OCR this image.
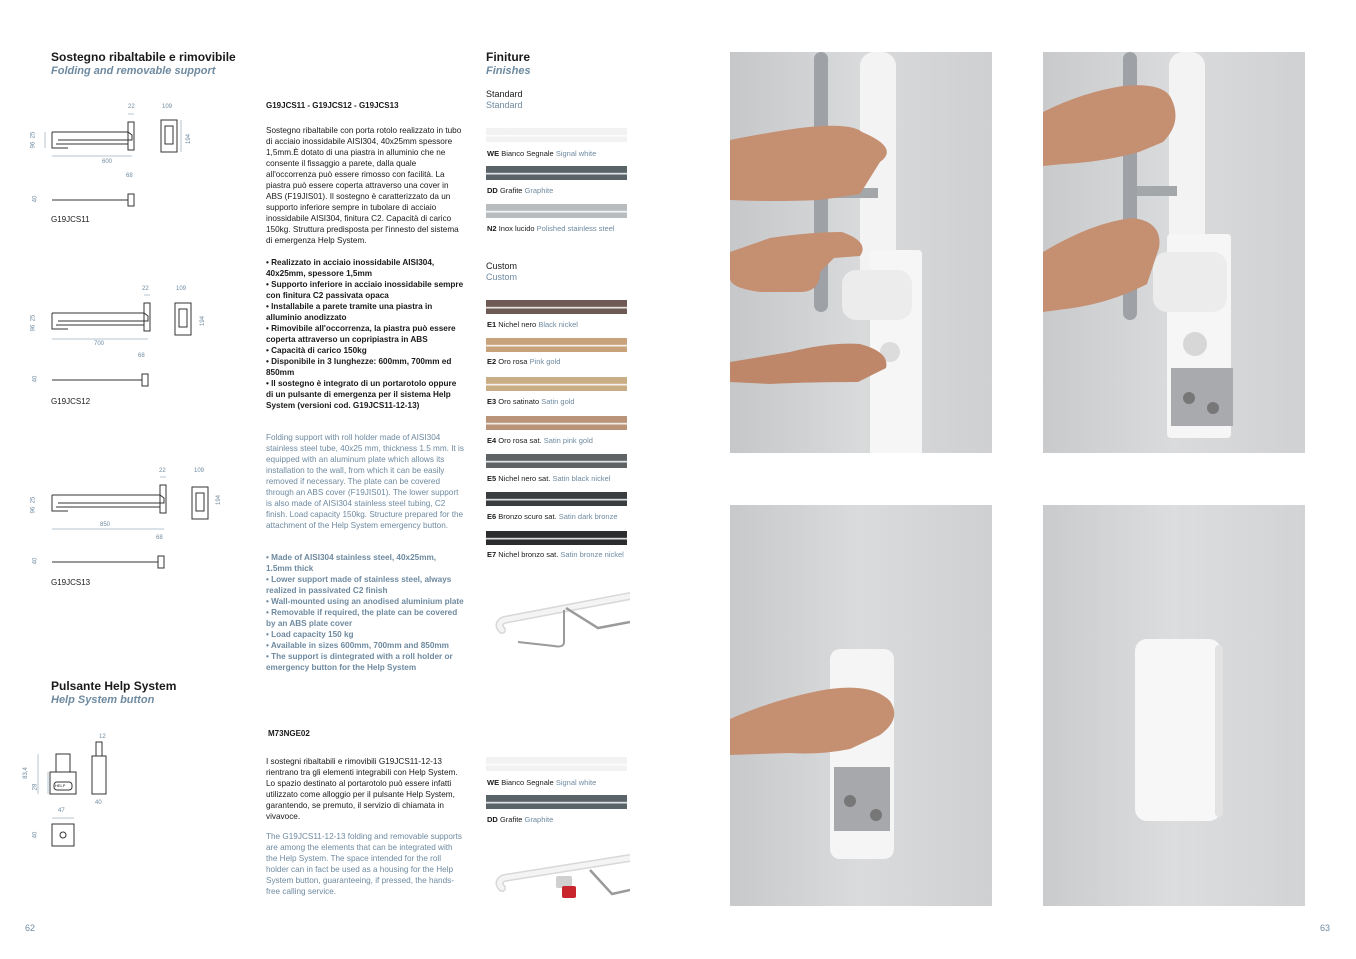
Sostegno ribaltabile e rimovibile
Folding and removable support
22	109
194
96
25
600
68
40
G19JCS11
22	109
194
96
25
700
68
40
G19JCS12
22	109
194
96
25
850
68
40
G19JCS13
Pulsante Help System
Help System button
HELP
12
83,4
28
40
47
40
62
G19JCS11 - G19JCS12 - G19JCS13
Sostegno ribaltabile con porta rotolo realizzato in tubo di acciaio inossidabile AISI304, 40x25mm spessore 1,5mm.È dotato di una piastra in alluminio che ne consente il fissaggio a parete, dalla quale all'occorrenza può essere rimosso con facilità. La piastra può essere coperta attraverso una cover in ABS (F19JIS01). Il sostegno è caratterizzato da un supporto inferiore sempre in tubolare di acciaio inossidabile AISI304, finitura C2. Capacità di carico 150kg. Struttura predisposta per l'innesto del sistema di emergenza Help System.
• Realizzato in acciaio inossidabile AISI304, 40x25mm, spessore 1,5mm
• Supporto inferiore in acciaio inossidabile sempre con finitura C2 passivata opaca
• Installabile a parete tramite una piastra in alluminio anodizzato
• Rimovibile all'occorrenza, la piastra può essere coperta attraverso un copripiastra in ABS
• Capacità di carico 150kg
• Disponibile in 3 lunghezze: 600mm, 700mm ed 850mm
• Il sostegno è integrato di un portarotolo oppure di un pulsante di emergenza per il sistema Help System (versioni cod. G19JCS11-12-13)
Folding support with roll holder made of AISI304 stainless steel tube, 40x25 mm, thickness 1.5 mm. It is equipped with an aluminum plate which allows its installation to the wall, from which it can be easily removed if necessary. The plate can be covered through an ABS cover (F19JIS01). The lower support is also made of AISI304 stainless steel tubing, C2 finish. Load capacity 150kg. Structure prepared for the attachment of the Help System emergency button.
• Made of AISI304 stainless steel, 40x25mm, 1.5mm thick
• Lower support made of stainless steel, always realized in passivated C2 finish
• Wall-mounted using an anodised aluminium plate
• Removable if required, the plate can be covered by an ABS plate cover
• Load capacity 150 kg
• Available in sizes 600mm, 700mm and 850mm
• The support is dintegrated with a roll holder or emergency button for the Help System
M73NGE02
I sostegni ribaltabili e rimovibili G19JCS11-12-13 rientrano tra gli elementi integrabili con Help System. Lo spazio destinato al portarotolo può essere infatti utilizzato come alloggio per il pulsante Help System, garantendo, se premuto, il servizio di chiamata in vivavoce.
The G19JCS11-12-13 folding and removable supports are among the elements that can be integrated with the Help System. The space intended for the roll holder can in fact be used as a housing for the Help System button, guaranteeing, if pressed, the hands-free calling service.
Finiture
Finishes
Standard
Standard
WE Bianco Segnale Signal white
DD Grafite Graphite
N2 Inox lucido Polished stainless steel
Custom
Custom
E1 Nichel nero Black nickel
E2 Oro rosa Pink gold
E3 Oro satinato Satin gold
E4 Oro rosa sat. Satin pink gold
E5 Nichel nero sat. Satin black nickel
E6 Bronzo scuro sat. Satin dark bronze
E7 Nichel bronzo sat. Satin bronze nickel
WE Bianco Segnale Signal white
DD Grafite Graphite
63
